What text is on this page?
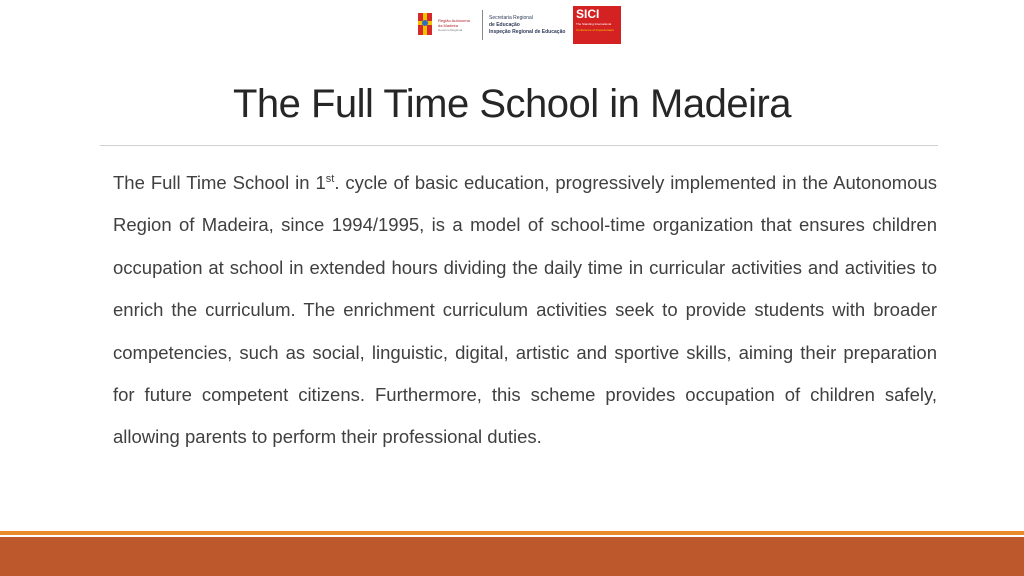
Região Autónoma
da Madeira
Governo Regional
Secretaria Regional
de Educação
Inspeção Regional de Educação
SICI
The Standing International
Conference of Inspectorates
The Full Time School in Madeira

The Full Time School in 1st. cycle of basic education, progressively implemented in the Autonomous Region of Madeira, since 1994/1995, is a model of school-time organization that ensures children occupation at school in extended hours dividing the daily time in curricular activities and activities to enrich the curriculum. The enrichment curriculum activities seek to provide students with broader competencies, such as social, linguistic, digital, artistic and sportive skills, aiming their preparation for future competent citizens. Furthermore, this scheme provides occupation of children safely, allowing parents to perform their professional duties.
